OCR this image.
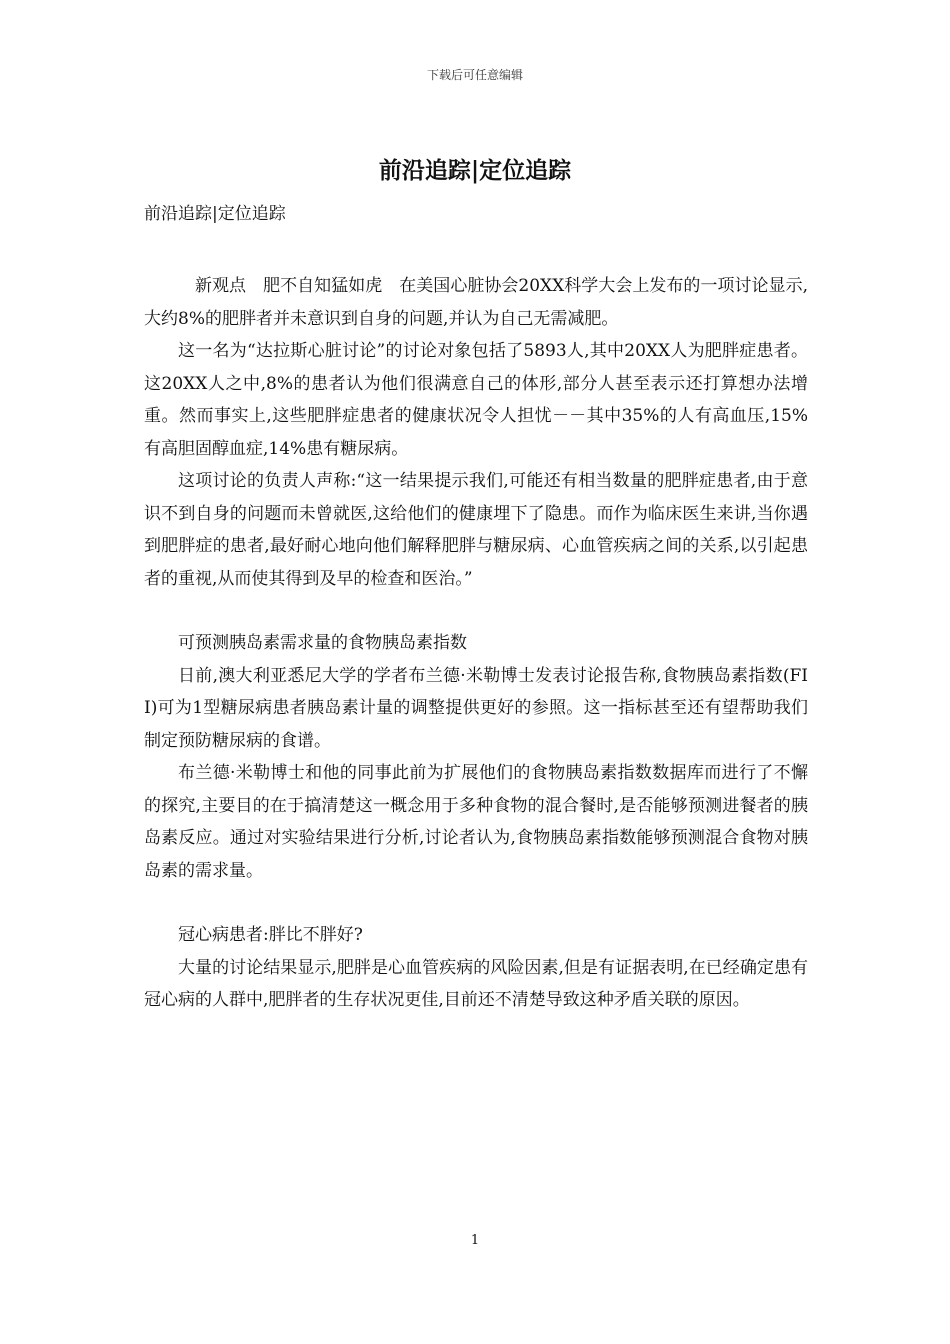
下载后可任意编辑
前沿追踪|定位追踪

前沿追踪|定位追踪

新观点　肥不自知猛如虎　在美国心脏协会20XX科学大会上发布的一项讨论显示,大约8%的肥胖者并未意识到自身的问题,并认为自己无需减肥。

这一名为“达拉斯心脏讨论”的讨论对象包括了5893人,其中20XX人为肥胖症患者。这20XX人之中,8%的患者认为他们很满意自己的体形,部分人甚至表示还打算想办法增重。然而事实上,这些肥胖症患者的健康状况令人担忧－－其中35%的人有高血压,15%有高胆固醇血症,14%患有糖尿病。

这项讨论的负责人声称:“这一结果提示我们,可能还有相当数量的肥胖症患者,由于意识不到自身的问题而未曾就医,这给他们的健康埋下了隐患。而作为临床医生来讲,当你遇到肥胖症的患者,最好耐心地向他们解释肥胖与糖尿病、心血管疾病之间的关系,以引起患者的重视,从而使其得到及早的检查和医治。”

可预测胰岛素需求量的食物胰岛素指数

日前,澳大利亚悉尼大学的学者布兰德·米勒博士发表讨论报告称,食物胰岛素指数(FII)可为1型糖尿病患者胰岛素计量的调整提供更好的参照。这一指标甚至还有望帮助我们制定预防糖尿病的食谱。

布兰德·米勒博士和他的同事此前为扩展他们的食物胰岛素指数数据库而进行了不懈的探究,主要目的在于搞清楚这一概念用于多种食物的混合餐时,是否能够预测进餐者的胰岛素反应。通过对实验结果进行分析,讨论者认为,食物胰岛素指数能够预测混合食物对胰岛素的需求量。

冠心病患者:胖比不胖好?

大量的讨论结果显示,肥胖是心血管疾病的风险因素,但是有证据表明,在已经确定患有冠心病的人群中,肥胖者的生存状况更佳,目前还不清楚导致这种矛盾关联的原因。

1
